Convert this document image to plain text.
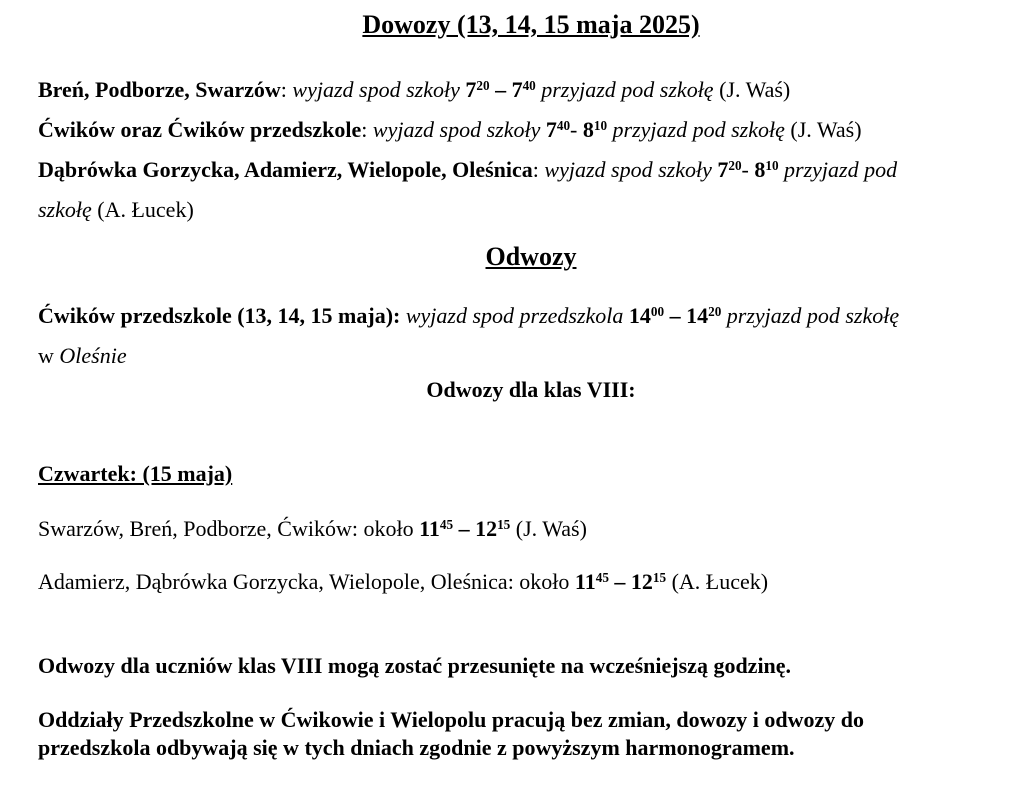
Dowozy (13, 14, 15 maja 2025)

Breń, Podborze, Swarzów: wyjazd spod szkoły $7^{20} - 7^{40}$ przyjazd pod szkołę (J. Waś)

Ćwików oraz Ćwików przedszkole: wyjazd spod szkoły $7^{40}-$ $8^{10}$ przyjazd pod szkołę (J. Waś)

Dąbrówka Gorzycka, Adamierz, Wielopole, Oleśnica: wyjazd spod szkoły $7^{20}-$ $8^{10}$ przyjazd pod
szkołę (A. Łucek)

Odwozy

Ćwików przedszkole (13, 14, 15 maja): wyjazd spod przedszkola $14^{00} - 14^{20}$ przyjazd pod szkołę
w Oleśnie

Odwozy dla klas VIII:

Czwartek: (15 maja)

Swarzów, Breń, Podborze, Ćwików: około $11^{45} - 12^{15}$ (J. Waś)

Adamierz, Dąbrówka Gorzycka, Wielopole, Oleśnica: około $11^{45} - 12^{15}$ (A. Łucek)

Odwozy dla uczniów klas VIII mogą zostać przesunięte na wcześniejszą godzinę.

Oddziały Przedszkolne w Ćwikowie i Wielopolu pracują bez zmian, dowozy i odwozy do
przedszkola odbywają się w tych dniach zgodnie z powyższym harmonogramem.
